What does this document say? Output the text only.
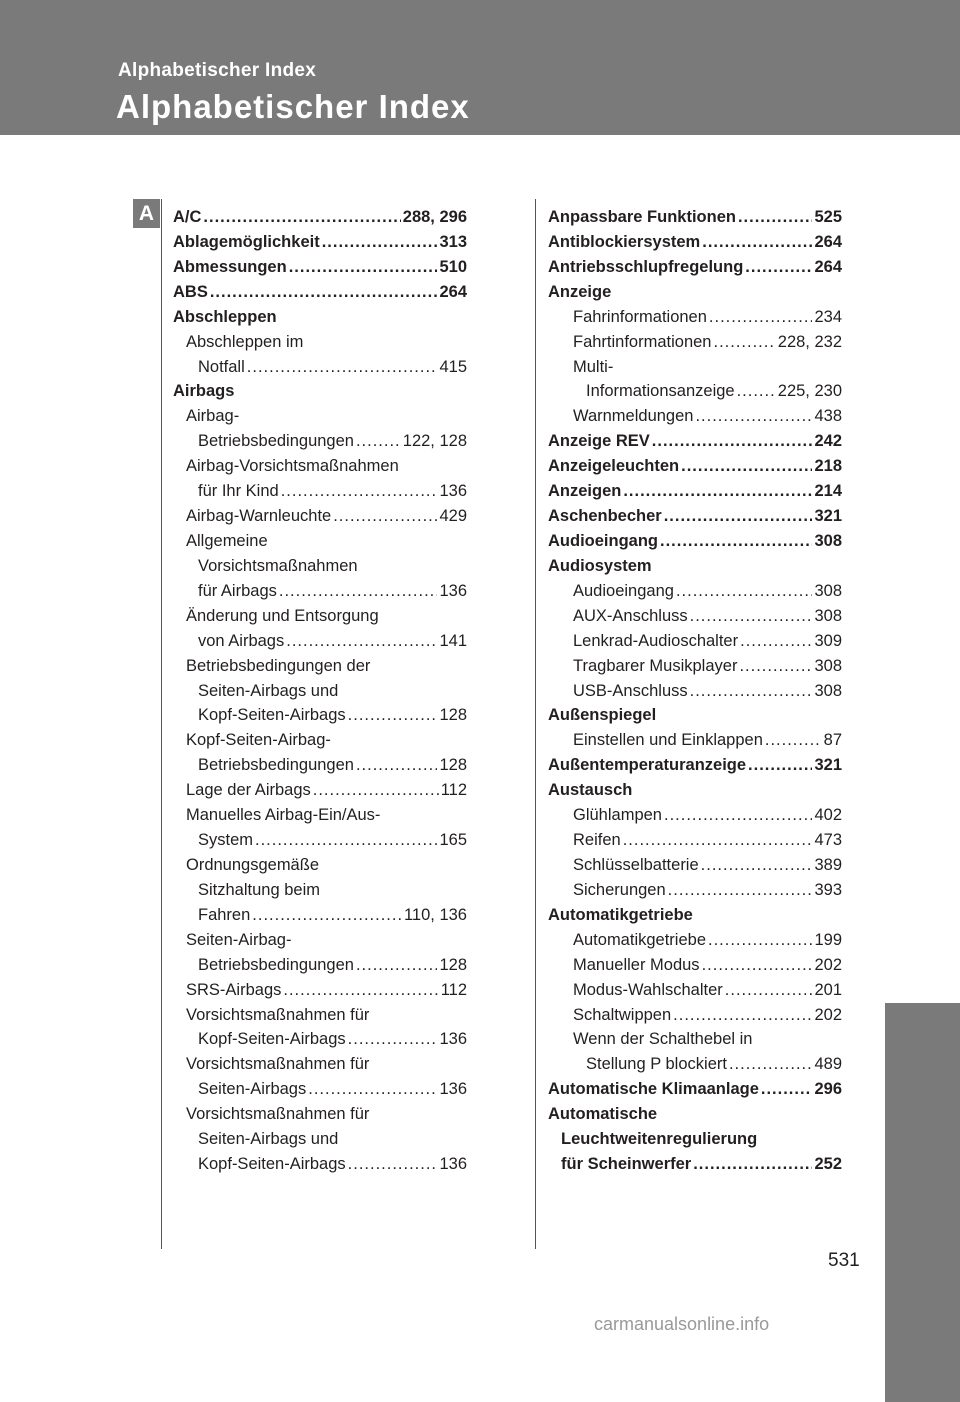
Alphabetischer Index
Alphabetischer Index
A	A/C .....	288, 296
Ablagemöglichkeit .....	313
Abmessungen .....	510
ABS .....	264
Abschleppen
Abschleppen im
Notfall .....	415
Airbags
Airbag-
Betriebsbedingungen .....	122, 128
Airbag-Vorsichtsmaßnahmen
für Ihr Kind .....	136
Airbag-Warnleuchte .....	429
Allgemeine
Vorsichtsmaßnahmen
für Airbags .....	136
Änderung und Entsorgung
von Airbags .....	141
Betriebsbedingungen der
Seiten-Airbags und
Kopf-Seiten-Airbags .....	128
Kopf-Seiten-Airbag-
Betriebsbedingungen .....	128
Lage der Airbags .....	112
Manuelles Airbag-Ein/Aus-
System .....	165
Ordnungsgemäße
Sitzhaltung beim
Fahren .....	110, 136
Seiten-Airbag-
Betriebsbedingungen .....	128
SRS-Airbags .....	112
Vorsichtsmaßnahmen für
Kopf-Seiten-Airbags .....	136
Vorsichtsmaßnahmen für
Seiten-Airbags .....	136
Vorsichtsmaßnahmen für
Seiten-Airbags und
Kopf-Seiten-Airbags .....	136
Anpassbare Funktionen .....	525
Antiblockiersystem .....	264
Antriebsschlupfregelung .....	264
Anzeige
Fahrinformationen .....	234
Fahrtinformationen .....	228, 232
Multi-
Informationsanzeige .....	225, 230
Warnmeldungen .....	438
Anzeige REV .....	242
Anzeigeleuchten .....	218
Anzeigen .....	214
Aschenbecher .....	321
Audioeingang .....	308
Audiosystem
Audioeingang .....	308
AUX-Anschluss .....	308
Lenkrad-Audioschalter .....	309
Tragbarer Musikplayer .....	308
USB-Anschluss .....	308
Außenspiegel
Einstellen und Einklappen .....	87
Außentemperaturanzeige .....	321
Austausch
Glühlampen .....	402
Reifen .....	473
Schlüsselbatterie .....	389
Sicherungen .....	393
Automatikgetriebe
Automatikgetriebe .....	199
Manueller Modus .....	202
Modus-Wahlschalter .....	201
Schaltwippen .....	202
Wenn der Schalthebel in
Stellung P blockiert .....	489
Automatische Klimaanlage .....	296
Automatische
Leuchtweitenregulierung
für Scheinwerfer .....	252
531
carmanualsonline.info
